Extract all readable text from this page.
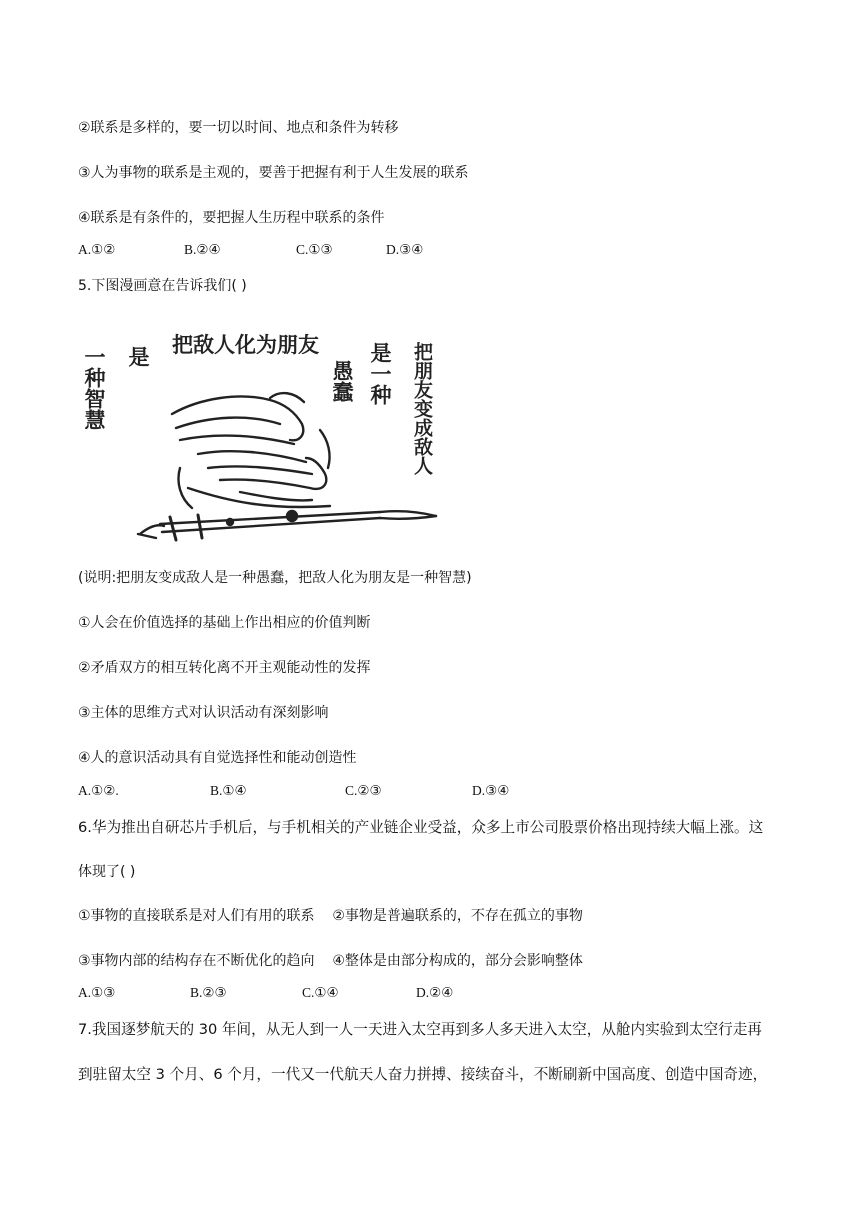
②联系是多样的，要一切以时间、地点和条件为转移
③人为事物的联系是主观的，要善于把握有利于人生发展的联系
④联系是有条件的，要把握人生历程中联系的条件
A.①②	B.②④	C.①③	D.③④
5.下图漫画意在告诉我们( )
一种智慧 是 把敌人化为朋友
愚蠢 是一种 把朋友变成敌人
(说明:把朋友变成敌人是一种愚蠢，把敌人化为朋友是一种智慧)
①人会在价值选择的基础上作出相应的价值判断
②矛盾双方的相互转化离不开主观能动性的发挥
③主体的思维方式对认识活动有深刻影响
④人的意识活动具有自觉选择性和能动创造性
A.①②.	B.①④	C.②③	D.③④
6.华为推出自研芯片手机后，与手机相关的产业链企业受益，众多上市公司股票价格出现持续大幅上涨。这
体现了( )
①事物的直接联系是对人们有用的联系    ②事物是普遍联系的，不存在孤立的事物
③事物内部的结构存在不断优化的趋向    ④整体是由部分构成的，部分会影响整体
A.①③	B.②③	C.①④	D.②④
7.我国逐梦航天的 30 年间，从无人到一人一天进入太空再到多人多天进入太空，从舱内实验到太空行走再
到驻留太空 3 个月、6 个月，一代又一代航天人奋力拼搏、接续奋斗，不断刷新中国高度、创造中国奇迹，
